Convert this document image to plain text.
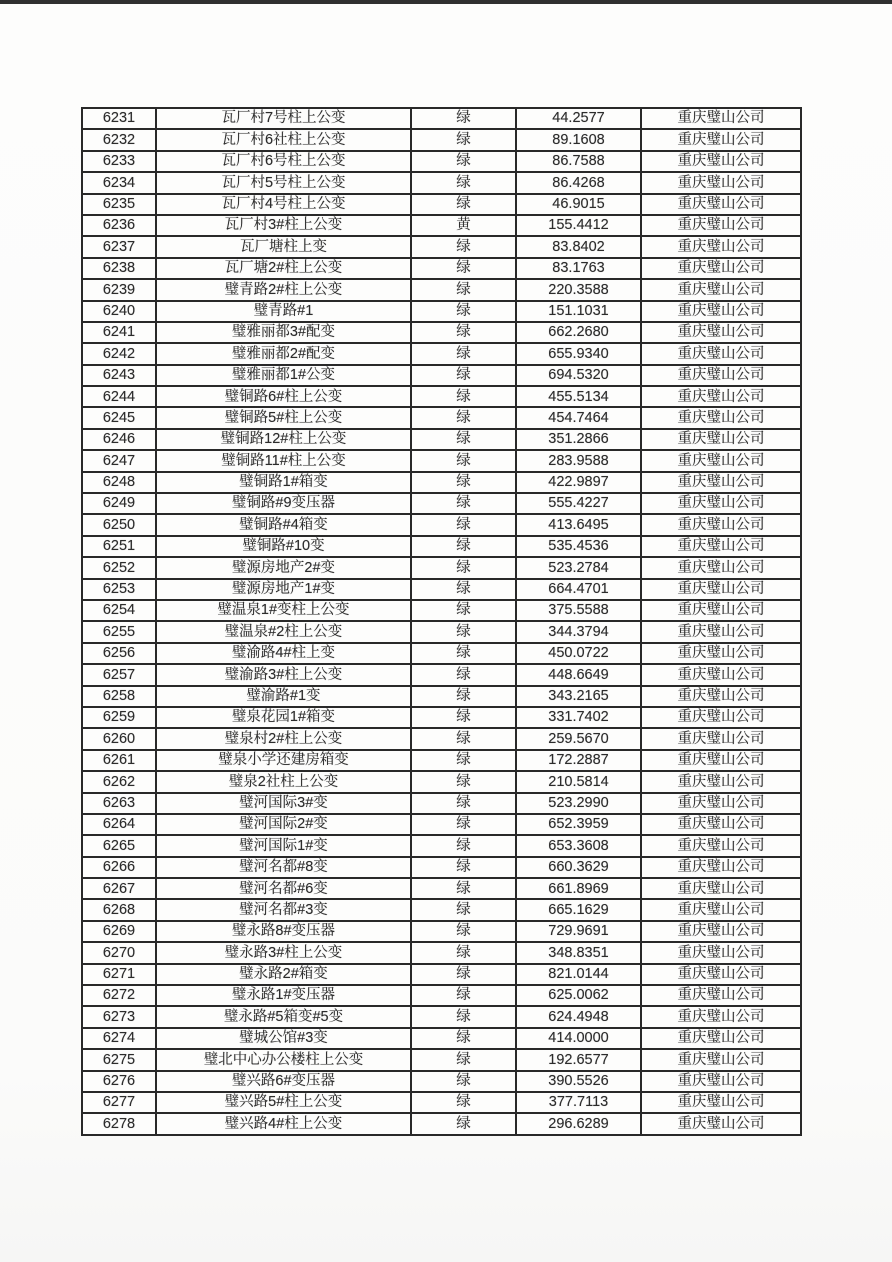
6231	瓦厂村7号柱上公变	绿	44.2577	重庆璧山公司
6232	瓦厂村6社柱上公变	绿	89.1608	重庆璧山公司
6233	瓦厂村6号柱上公变	绿	86.7588	重庆璧山公司
6234	瓦厂村5号柱上公变	绿	86.4268	重庆璧山公司
6235	瓦厂村4号柱上公变	绿	46.9015	重庆璧山公司
6236	瓦厂村3#柱上公变	黄	155.4412	重庆璧山公司
6237	瓦厂塘柱上变	绿	83.8402	重庆璧山公司
6238	瓦厂塘2#柱上公变	绿	83.1763	重庆璧山公司
6239	璧青路2#柱上公变	绿	220.3588	重庆璧山公司
6240	璧青路#1	绿	151.1031	重庆璧山公司
6241	璧雅丽都3#配变	绿	662.2680	重庆璧山公司
6242	璧雅丽都2#配变	绿	655.9340	重庆璧山公司
6243	璧雅丽都1#公变	绿	694.5320	重庆璧山公司
6244	璧铜路6#柱上公变	绿	455.5134	重庆璧山公司
6245	璧铜路5#柱上公变	绿	454.7464	重庆璧山公司
6246	璧铜路12#柱上公变	绿	351.2866	重庆璧山公司
6247	璧铜路11#柱上公变	绿	283.9588	重庆璧山公司
6248	璧铜路1#箱变	绿	422.9897	重庆璧山公司
6249	璧铜路#9变压器	绿	555.4227	重庆璧山公司
6250	璧铜路#4箱变	绿	413.6495	重庆璧山公司
6251	璧铜路#10变	绿	535.4536	重庆璧山公司
6252	璧源房地产2#变	绿	523.2784	重庆璧山公司
6253	璧源房地产1#变	绿	664.4701	重庆璧山公司
6254	璧温泉1#变柱上公变	绿	375.5588	重庆璧山公司
6255	璧温泉#2柱上公变	绿	344.3794	重庆璧山公司
6256	璧渝路4#柱上变	绿	450.0722	重庆璧山公司
6257	璧渝路3#柱上公变	绿	448.6649	重庆璧山公司
6258	璧渝路#1变	绿	343.2165	重庆璧山公司
6259	璧泉花园1#箱变	绿	331.7402	重庆璧山公司
6260	璧泉村2#柱上公变	绿	259.5670	重庆璧山公司
6261	璧泉小学还建房箱变	绿	172.2887	重庆璧山公司
6262	璧泉2社柱上公变	绿	210.5814	重庆璧山公司
6263	璧河国际3#变	绿	523.2990	重庆璧山公司
6264	璧河国际2#变	绿	652.3959	重庆璧山公司
6265	璧河国际1#变	绿	653.3608	重庆璧山公司
6266	璧河名都#8变	绿	660.3629	重庆璧山公司
6267	璧河名都#6变	绿	661.8969	重庆璧山公司
6268	璧河名都#3变	绿	665.1629	重庆璧山公司
6269	璧永路8#变压器	绿	729.9691	重庆璧山公司
6270	璧永路3#柱上公变	绿	348.8351	重庆璧山公司
6271	璧永路2#箱变	绿	821.0144	重庆璧山公司
6272	璧永路1#变压器	绿	625.0062	重庆璧山公司
6273	璧永路#5箱变#5变	绿	624.4948	重庆璧山公司
6274	璧城公馆#3变	绿	414.0000	重庆璧山公司
6275	璧北中心办公楼柱上公变	绿	192.6577	重庆璧山公司
6276	璧兴路6#变压器	绿	390.5526	重庆璧山公司
6277	璧兴路5#柱上公变	绿	377.7113	重庆璧山公司
6278	璧兴路4#柱上公变	绿	296.6289	重庆璧山公司
